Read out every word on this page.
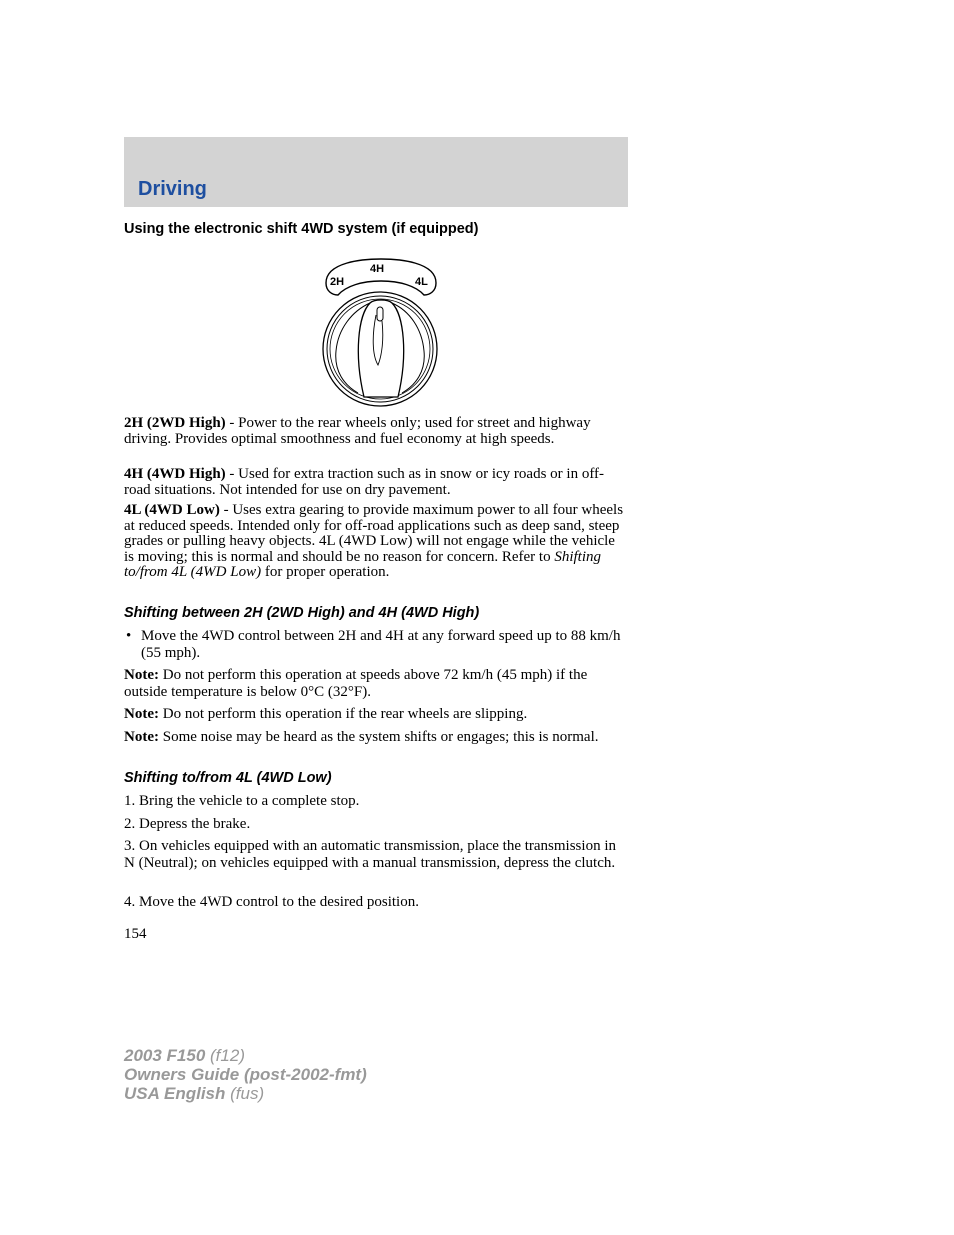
Driving
Using the electronic shift 4WD system (if equipped)
2H
4H
4L
2H (2WD High) - Power to the rear wheels only; used for street and highway driving. Provides optimal smoothness and fuel economy at high speeds.
4H (4WD High) - Used for extra traction such as in snow or icy roads or in off-road situations. Not intended for use on dry pavement.
4L (4WD Low) - Uses extra gearing to provide maximum power to all four wheels at reduced speeds. Intended only for off-road applications such as deep sand, steep grades or pulling heavy objects. 4L (4WD Low) will not engage while the vehicle is moving; this is normal and should be no reason for concern. Refer to Shifting to/from 4L (4WD Low) for proper operation.
Shifting between 2H (2WD High) and 4H (4WD High)
• Move the 4WD control between 2H and 4H at any forward speed up to 88 km/h (55 mph).
Note: Do not perform this operation at speeds above 72 km/h (45 mph) if the outside temperature is below 0°C (32°F).
Note: Do not perform this operation if the rear wheels are slipping.
Note: Some noise may be heard as the system shifts or engages; this is normal.
Shifting to/from 4L (4WD Low)
1. Bring the vehicle to a complete stop.
2. Depress the brake.
3. On vehicles equipped with an automatic transmission, place the transmission in N (Neutral); on vehicles equipped with a manual transmission, depress the clutch.
4. Move the 4WD control to the desired position.
154
2003 F150 (f12)
Owners Guide (post-2002-fmt)
USA English (fus)
